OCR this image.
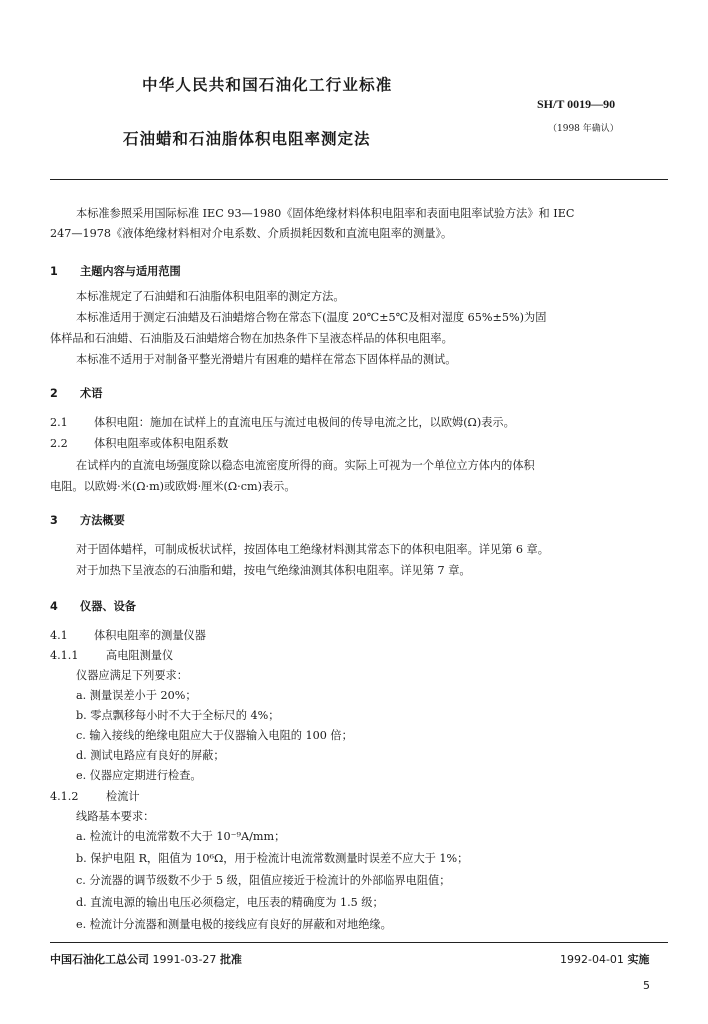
中华人民共和国石油化工行业标准
SH/T 0019—90
石油蜡和石油脂体积电阻率测定法
（1998 年确认）
本标准参照采用国际标准 IEC 93—1980《固体绝缘材料体积电阻率和表面电阻率试验方法》和 IEC
247—1978《液体绝缘材料相对介电系数、介质损耗因数和直流电阻率的测量》。
1 主题内容与适用范围
本标准规定了石油蜡和石油脂体积电阻率的测定方法。
本标准适用于测定石油蜡及石油蜡熔合物在常态下(温度 20℃±5℃及相对湿度 65%±5%)为固
体样品和石油蜡、石油脂及石油蜡熔合物在加热条件下呈液态样品的体积电阻率。
本标准不适用于对制备平整光滑蜡片有困难的蜡样在常态下固体样品的测试。
2 术语
2.1 体积电阻：施加在试样上的直流电压与流过电极间的传导电流之比，以欧姆(Ω)表示。
2.2 体积电阻率或体积电阻系数
在试样内的直流电场强度除以稳态电流密度所得的商。实际上可视为一个单位立方体内的体积
电阻。以欧姆·米(Ω·m)或欧姆·厘米(Ω·cm)表示。
3 方法概要
对于固体蜡样，可制成板状试样，按固体电工绝缘材料测其常态下的体积电阻率。详见第 6 章。
对于加热下呈液态的石油脂和蜡，按电气绝缘油测其体积电阻率。详见第 7 章。
4 仪器、设备
4.1 体积电阻率的测量仪器
4.1.1 高电阻测量仪
仪器应满足下列要求：
a. 测量误差小于 20%；
b. 零点飘移每小时不大于全标尺的 4%；
c. 输入接线的绝缘电阻应大于仪器输入电阻的 100 倍；
d. 测试电路应有良好的屏蔽；
e. 仪器应定期进行检查。
4.1.2 检流计
线路基本要求：
a. 检流计的电流常数不大于 10⁻⁹A/mm；
b. 保护电阻 R，阻值为 10⁶Ω，用于检流计电流常数测量时误差不应大于 1%；
c. 分流器的调节级数不少于 5 级，阻值应接近于检流计的外部临界电阻值；
d. 直流电源的输出电压必须稳定，电压表的精确度为 1.5 级；
e. 检流计分流器和测量电极的接线应有良好的屏蔽和对地绝缘。
中国石油化工总公司 1991-03-27 批准	1992-04-01 实施
5
